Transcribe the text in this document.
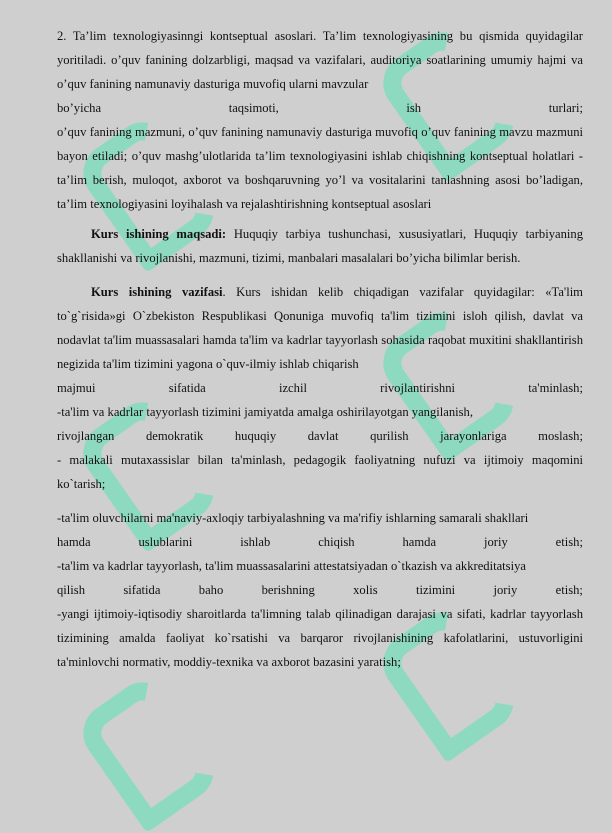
2. Ta’lim texnologiyasinngi kontseptual asoslari. Ta’lim texnologiyasining bu qismida quyidagilar yoritiladi. o’quv fanining dolzarbligi, maqsad va vazifalari, auditoriya soatlarining umumiy hajmi va o’quv fanining namunaviy dasturiga muvofiq ularni mavzular

bo’yicha	taqsimoti,	ish	turlari;

o’quv fanining mazmuni, o’quv fanining namunaviy dasturiga muvofiq o’quv fanining mavzu mazmuni bayon etiladi; o’quv mashg’ulotlarida ta’lim texnologiyasini ishlab chiqishning kontseptual holatlari - ta’lim berish, muloqot, axborot va boshqaruvning yo’l va vositalarini tanlashning asosi bo’ladigan, ta’lim texnologiyasini loyihalash va rejalashtirishning kontseptual asoslari

Kurs ishining maqsadi: Huquqiy tarbiya tushunchasi, xususiyatlari, Huquqiy tarbiyaning shakllanishi va rivojlanishi, mazmuni, tizimi, manbalari masalalari bo’yicha bilimlar berish.

Kurs ishining vazifasi. Kurs ishidan kelib chiqadigan vazifalar quyidagilar: «Ta'lim to`g`risida»gi O`zbekiston Respublikasi Qonuniga muvofiq ta'lim tizimini isloh qilish, davlat va nodavlat ta'lim muassasalari hamda ta'lim va kadrlar tayyorlash sohasida raqobat muxitini shakllantirish negizida ta'lim tizimini yagona o`quv-ilmiy ishlab chiqarish

majmui	sifatida	izchil	rivojlantirishni	ta'minlash;

-ta'lim va kadrlar tayyorlash tizimini jamiyatda amalga oshirilayotgan yangilanish,

rivojlangan	demokratik	huquqiy	davlat	qurilish	jarayonlariga	moslash;

- malakali mutaxassislar bilan ta'minlash, pedagogik faoliyatning nufuzi va ijtimoiy maqomini ko`tarish;

-ta'lim oluvchilarni ma'naviy-axloqiy tarbiyalashning va ma'rifiy ishlarning samarali shakllari

hamda	uslublarini	ishlab	chiqish	hamda	joriy	etish;

-ta'lim va kadrlar tayyorlash, ta'lim muassasalarini attestatsiyadan o`tkazish va akkreditatsiya

qilish	sifatida	baho	berishning	xolis	tizimini	joriy	etish;

-yangi ijtimoiy-iqtisodiy sharoitlarda ta'limning talab qilinadigan darajasi va sifati, kadrlar tayyorlash tizimining amalda faoliyat ko`rsatishi va barqaror rivojlanishining kafolatlarini, ustuvorligini ta'minlovchi normativ, moddiy-texnika va axborot bazasini yaratish;
